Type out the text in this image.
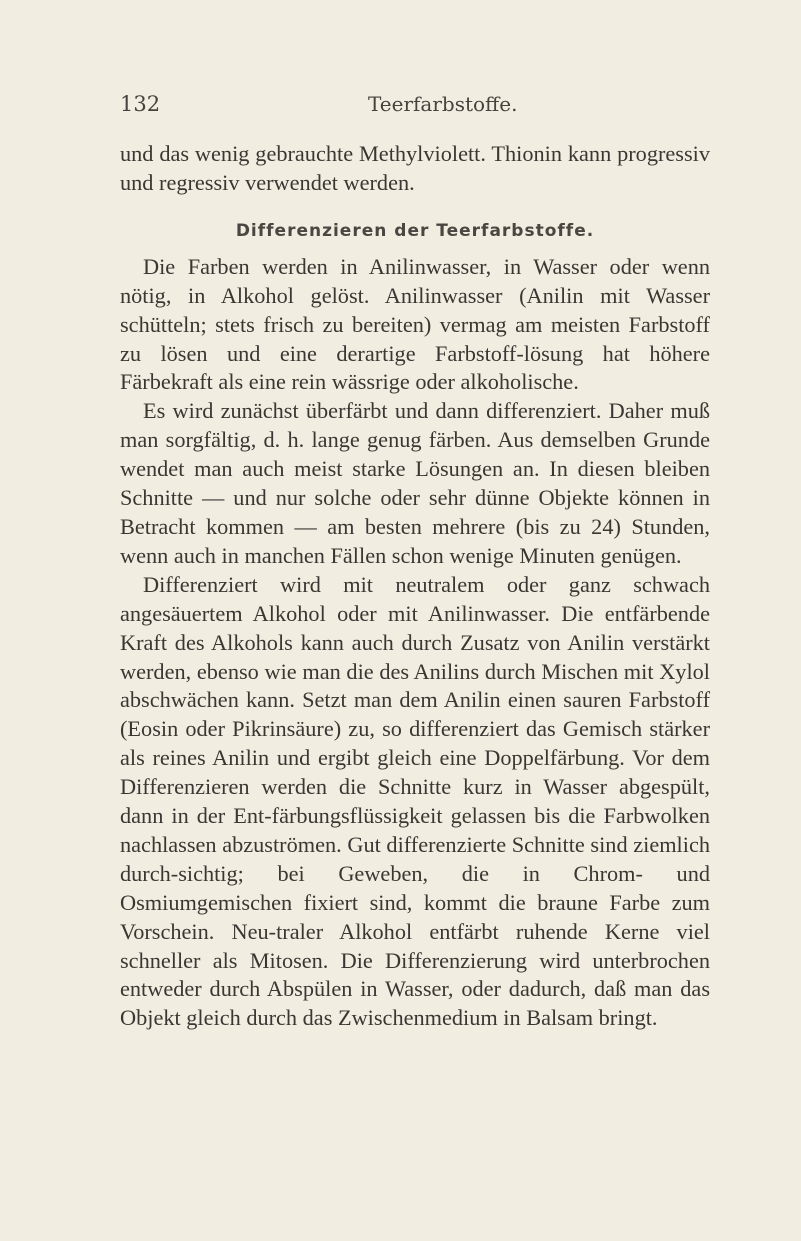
132	Teerfarbstoffe.

und das wenig gebrauchte Methylviolett. Thionin kann progressiv und regressiv verwendet werden.

Differenzieren der Teerfarbstoffe.

Die Farben werden in Anilinwasser, in Wasser oder wenn nötig, in Alkohol gelöst. Anilinwasser (Anilin mit Wasser schütteln; stets frisch zu bereiten) vermag am meisten Farbstoff zu lösen und eine derartige Farbstoff-lösung hat höhere Färbekraft als eine rein wässrige oder alkoholische.

Es wird zunächst überfärbt und dann differenziert. Daher muß man sorgfältig, d. h. lange genug färben. Aus demselben Grunde wendet man auch meist starke Lösungen an. In diesen bleiben Schnitte — und nur solche oder sehr dünne Objekte können in Betracht kommen — am besten mehrere (bis zu 24) Stunden, wenn auch in manchen Fällen schon wenige Minuten genügen.

Differenziert wird mit neutralem oder ganz schwach angesäuertem Alkohol oder mit Anilinwasser. Die entfärbende Kraft des Alkohols kann auch durch Zusatz von Anilin verstärkt werden, ebenso wie man die des Anilins durch Mischen mit Xylol abschwächen kann. Setzt man dem Anilin einen sauren Farbstoff (Eosin oder Pikrinsäure) zu, so differenziert das Gemisch stärker als reines Anilin und ergibt gleich eine Doppelfärbung. Vor dem Differenzieren werden die Schnitte kurz in Wasser abgespült, dann in der Ent-färbungsflüssigkeit gelassen bis die Farbwolken nachlassen abzuströmen. Gut differenzierte Schnitte sind ziemlich durch-sichtig; bei Geweben, die in Chrom- und Osmiumgemischen fixiert sind, kommt die braune Farbe zum Vorschein. Neu-traler Alkohol entfärbt ruhende Kerne viel schneller als Mitosen. Die Differenzierung wird unterbrochen entweder durch Abspülen in Wasser, oder dadurch, daß man das Objekt gleich durch das Zwischenmedium in Balsam bringt.
